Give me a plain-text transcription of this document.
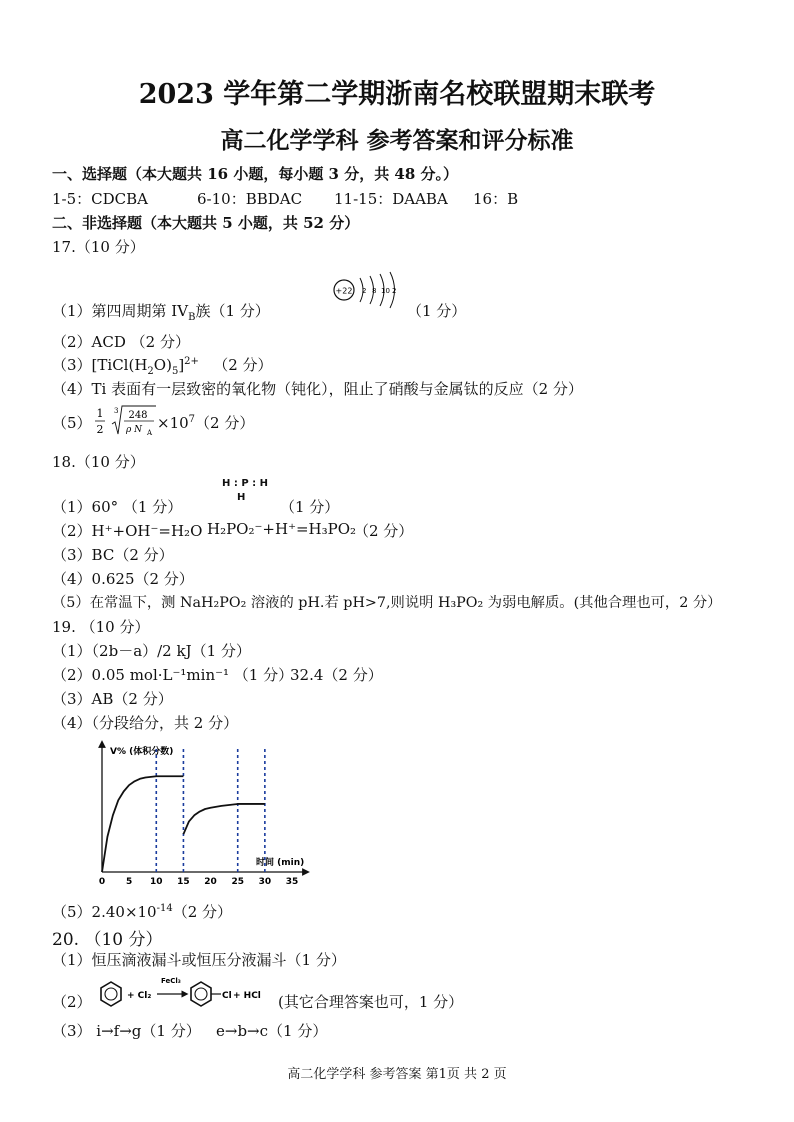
2023 学年第二学期浙南名校联盟期末联考
高二化学学科 参考答案和评分标准
一、选择题（本大题共 16 小题，每小题 3 分，共 48 分。）
1-5：CDCBA	6-10：BBDAC 11-15：DAABA 16：B
二、非选择题（本大题共 5 小题，共 52 分）
17.（10 分）
+22 2 8 10 2
（1）第四周期第 $IV_B$族（1 分）	（1 分）
（2）ACD （2 分）
$(3)[TiCl(H_2O)_5]^{2+}$ （2 分）
（4）Ti 表面有一层致密的氧化物（钝化），阻止了硝酸与金属钛的反应（2 分）
（5）
1
2
3 248
ρ N A
$\times 10^7(2$ 分）
18.（10 分）
H : P : H
H
（1）60° （1 分）	（1 分）
（2）H⁺+OH⁻=H₂O H₂PO₂⁻+H⁺=H₃PO₂
（2 分）
（3）BC（2 分）
（4）0.625（2 分）
（5）在常温下，测 NaH₂PO₂ 溶液的 pH.若 pH>7,则说明 H₃PO₂ 为弱电解质。(其他合理也可，2 分）
19. （10 分）
（1）（2b－a）/2 kJ（1 分）
（2）0.05 mol·L⁻¹min⁻¹ （1 分）
32.4（2 分）
（3）AB（2 分）
（4）（分段给分，共 2 分）
V% (体积分数)
时间 (min)
0 5 10 15 20 25 30 35
$(5)2.40\times 10^{-14}(2$ 分）
20. （10 分）
（1）恒压滴液漏斗或恒压分液漏斗（1 分）
（2）	+ Cl₂
FeCl₃
Cl + HCl (其它合理答案也可，1 分）
（3） i→f→g（1 分） e→b→c（1 分）
高二化学学科 参考答案 第1页 共 2 页
